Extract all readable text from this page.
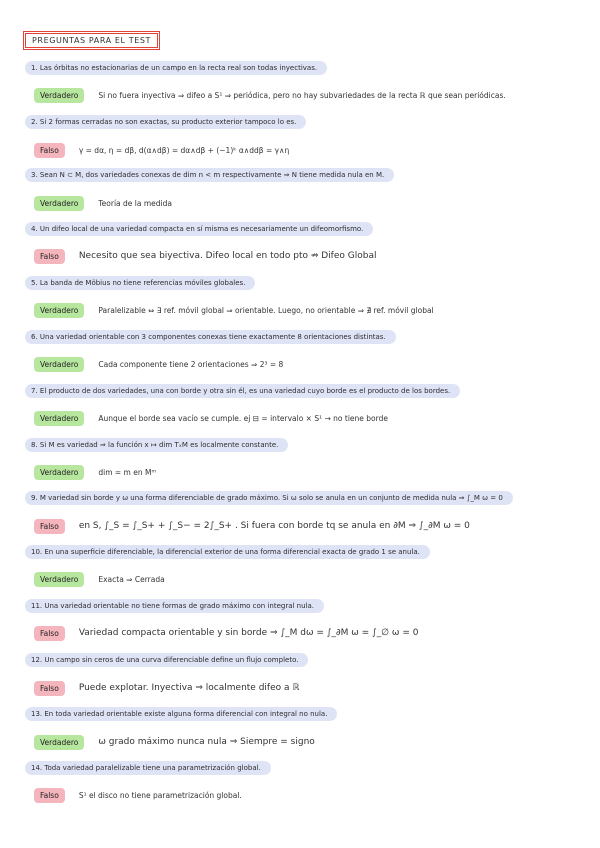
PREGUNTAS PARA EL TEST
1. Las órbitas no estacionarias de un campo en la recta real son todas inyectivas.
Verdadero	Si no fuera inyectiva ⇒ difeo a S¹ ⇒ periódica, pero no hay subvariedades de la recta ℝ que sean periódicas.
2. Si 2 formas cerradas no son exactas, su producto exterior tampoco lo es.
Falso	γ = dα, η = dβ, d(α∧dβ) = dα∧dβ + (−1)ᵏ α∧ddβ = γ∧η
3. Sean N ⊂ M, dos variedades conexas de dim n < m respectivamente ⇒ N tiene medida nula en M.
Verdadero	Teoría de la medida
4. Un difeo local de una variedad compacta en sí misma es necesariamente un difeomorfismo.
Falso	Necesito que sea biyectiva. Difeo local en todo pto ⇏ Difeo Global
5. La banda de Möbius no tiene referencias móviles globales.
Verdadero	Paralelizable ⇔ ∃ ref. móvil global ⇒ orientable. Luego, no orientable ⇒ ∄ ref. móvil global
6. Una variedad orientable con 3 componentes conexas tiene exactamente 8 orientaciones distintas.
Verdadero	Cada componente tiene 2 orientaciones ⇒ 2³ = 8
7. El producto de dos variedades, una con borde y otra sin él, es una variedad cuyo borde es el producto de los bordes.
Verdadero	Aunque el borde sea vacío se cumple. ej ⊟ = intervalo × S¹ → no tiene borde
8. Si M es variedad ⇒ la función x ↦ dim TₓM es localmente constante.
Verdadero	dim = m en Mᵐ
9. M variedad sin borde y ω una forma diferenciable de grado máximo. Si ω solo se anula en un conjunto de medida nula ⇒ ∫_M ω = 0
Falso	en S, ∫_S = ∫_S+ + ∫_S− = 2∫_S+ . Si fuera con borde tq se anula en ∂M ⇒ ∫_∂M ω = 0
10. En una superficie diferenciable, la diferencial exterior de una forma diferencial exacta de grado 1 se anula.
Verdadero	Exacta ⇒ Cerrada
11. Una variedad orientable no tiene formas de grado máximo con integral nula.
Falso	Variedad compacta orientable y sin borde ⇒ ∫_M dω = ∫_∂M ω = ∫_∅ ω = 0
12. Un campo sin ceros de una curva diferenciable define un flujo completo.
Falso	Puede explotar. Inyectiva ⇒ localmente difeo a ℝ
13. En toda variedad orientable existe alguna forma diferencial con integral no nula.
Verdadero	ω grado máximo nunca nula ⇒ Siempre = signo
14. Toda variedad paralelizable tiene una parametrización global.
Falso	S¹ el disco no tiene parametrización global.
